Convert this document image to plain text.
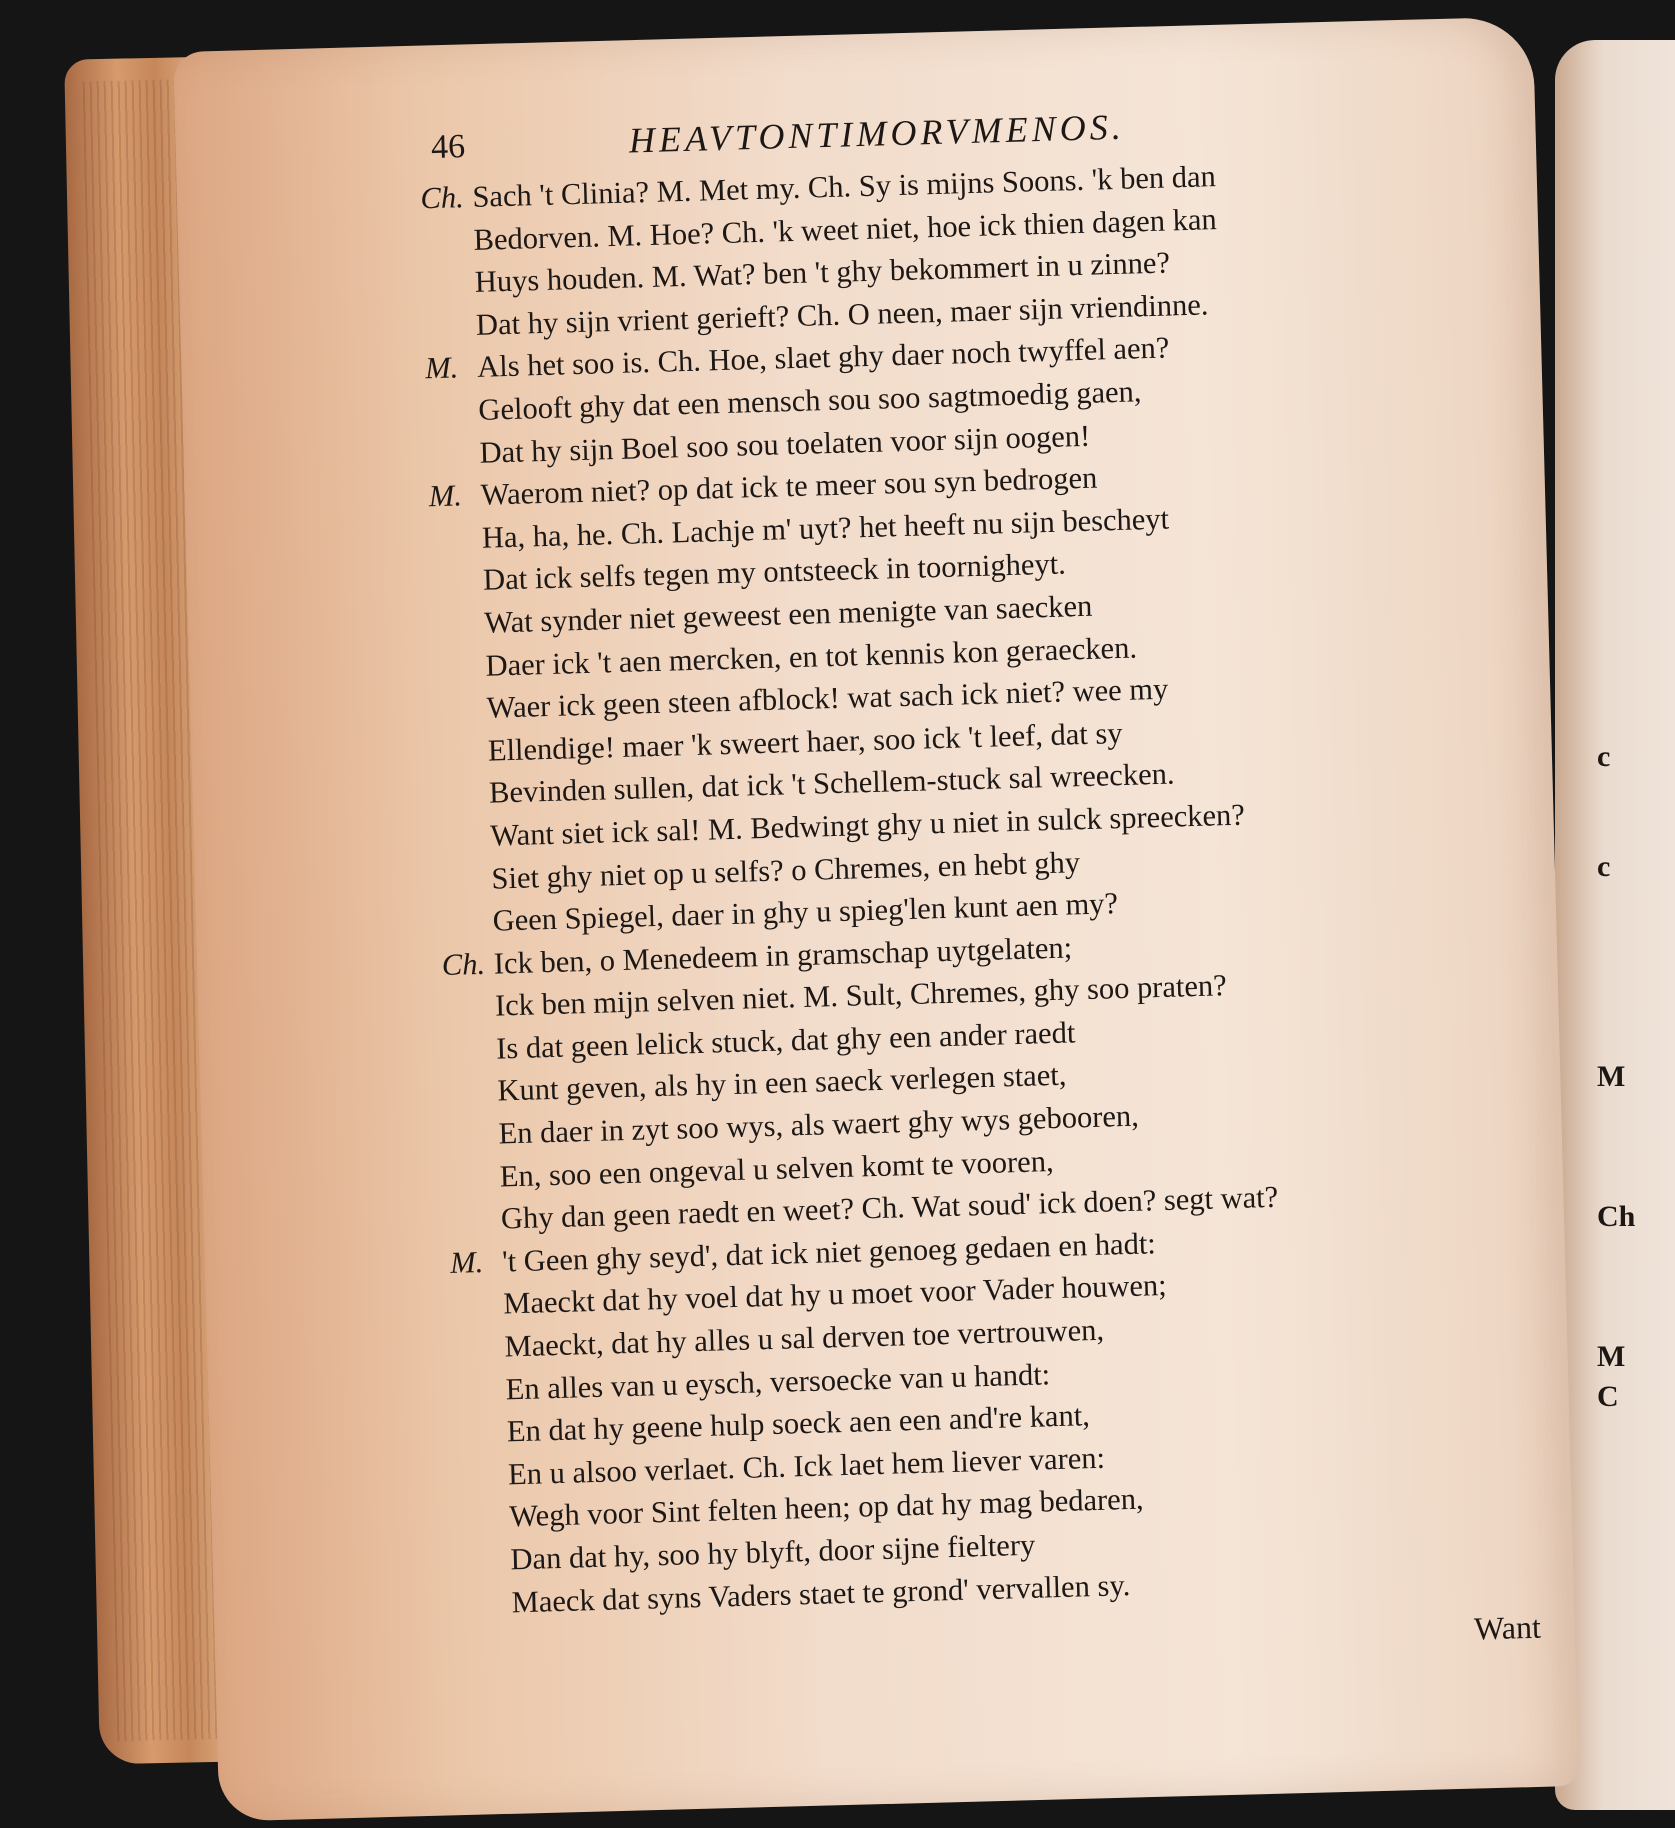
c
c
M
Ch
M
C
46	HEAVTONTIMORVMENOS.
Ch. Sach 't Clinia? M. Met my. Ch. Sy is mijns Soons. 'k ben dan
Bedorven. M. Hoe? Ch. 'k weet niet, hoe ick thien dagen kan
Huys houden. M. Wat? ben 't ghy bekommert in u zinne?
Dat hy sijn vrient gerieft? Ch. O neen, maer sijn vriendinne.
M. Als het soo is. Ch. Hoe, slaet ghy daer noch twyffel aen?
Gelooft ghy dat een mensch sou soo sagtmoedig gaen,
Dat hy sijn Boel soo sou toelaten voor sijn oogen!
M. Waerom niet? op dat ick te meer sou syn bedrogen
Ha, ha, he. Ch. Lachje m' uyt? het heeft nu sijn bescheyt
Dat ick selfs tegen my ontsteeck in toornigheyt.
Wat synder niet geweest een menigte van saecken
Daer ick 't aen mercken, en tot kennis kon geraecken.
Waer ick geen steen afblock! wat sach ick niet? wee my
Ellendige! maer 'k sweert haer, soo ick 't leef, dat sy
Bevinden sullen, dat ick 't Schellem-stuck sal wreecken.
Want siet ick sal! M. Bedwingt ghy u niet in sulck spreecken?
Siet ghy niet op u selfs? o Chremes, en hebt ghy
Geen Spiegel, daer in ghy u spieg'len kunt aen my?
Ch. Ick ben, o Menedeem in gramschap uytgelaten;
Ick ben mijn selven niet. M. Sult, Chremes, ghy soo praten?
Is dat geen lelick stuck, dat ghy een ander raedt
Kunt geven, als hy in een saeck verlegen staet,
En daer in zyt soo wys, als waert ghy wys gebooren,
En, soo een ongeval u selven komt te vooren,
Ghy dan geen raedt en weet? Ch. Wat soud' ick doen? segt wat?
M. 't Geen ghy seyd', dat ick niet genoeg gedaen en hadt:
Maeckt dat hy voel dat hy u moet voor Vader houwen;
Maeckt, dat hy alles u sal derven toe vertrouwen,
En alles van u eysch, versoecke van u handt:
En dat hy geene hulp soeck aen een and're kant,
En u alsoo verlaet. Ch. Ick laet hem liever varen:
Wegh voor Sint felten heen; op dat hy mag bedaren,
Dan dat hy, soo hy blyft, door sijne fieltery
Maeck dat syns Vaders staet te grond' vervallen sy.
Want
